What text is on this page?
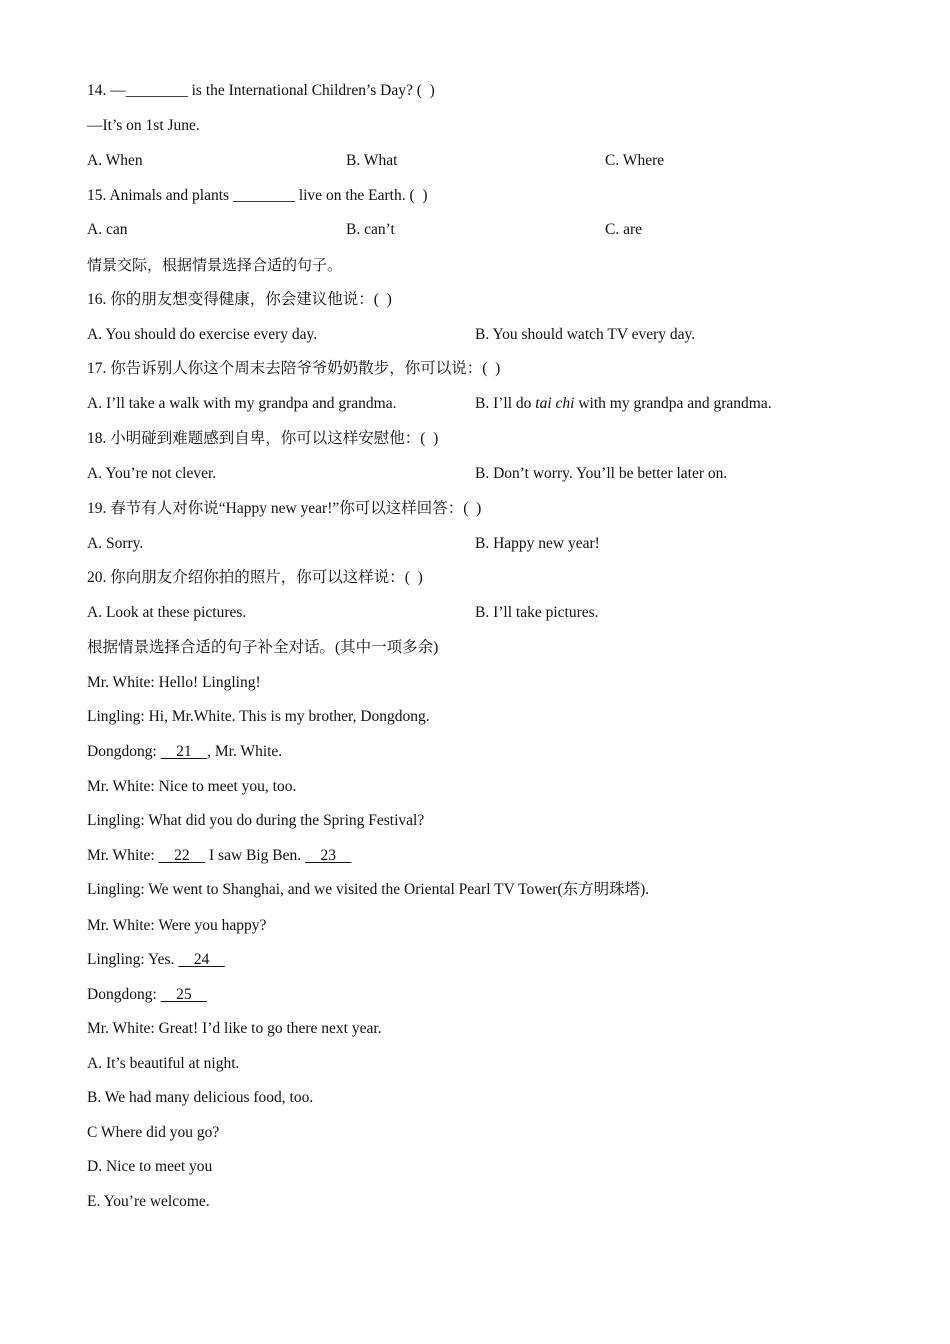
14. —________ is the International Children’s Day? (  )
—It’s on 1st June.
A. When	B. What	C. Where
15. Animals and plants ________ live on the Earth. (  )
A. can	B. can’t	C. are
情景交际，根据情景选择合适的句子。
16. 你的朋友想变得健康，你会建议他说：(  )
A. You should do exercise every day.	B. You should watch TV every day.
17. 你告诉别人你这个周末去陪爷爷奶奶散步，你可以说：(  )
A. I’ll take a walk with my grandpa and grandma.	B. I’ll do tai chi with my grandpa and grandma.
18. 小明碰到难题感到自卑，你可以这样安慰他：(  )
A. You’re not clever.	B. Don’t worry. You’ll be better later on.
19. 春节有人对你说“Happy new year!”你可以这样回答：(  )
A. Sorry.	B. Happy new year!
20. 你向朋友介绍你拍的照片，你可以这样说：(  )
A. Look at these pictures.	B. I’ll take pictures.
根据情景选择合适的句子补全对话。(其中一项多余)
Mr. White: Hello! Lingling!
Lingling: Hi, Mr.White. This is my brother, Dongdong.
Dongdong:     21    , Mr. White.
Mr. White: Nice to meet you, too.
Lingling: What did you do during the Spring Festival?
Mr. White:     22     I saw Big Ben.     23
Lingling: We went to Shanghai, and we visited the Oriental Pearl TV Tower(东方明珠塔).
Mr. White: Were you happy?
Lingling: Yes.     24
Dongdong:     25
Mr. White: Great! I’d like to go there next year.
A. It’s beautiful at night.
B. We had many delicious food, too.
C Where did you go?
D. Nice to meet you
E. You’re welcome.
